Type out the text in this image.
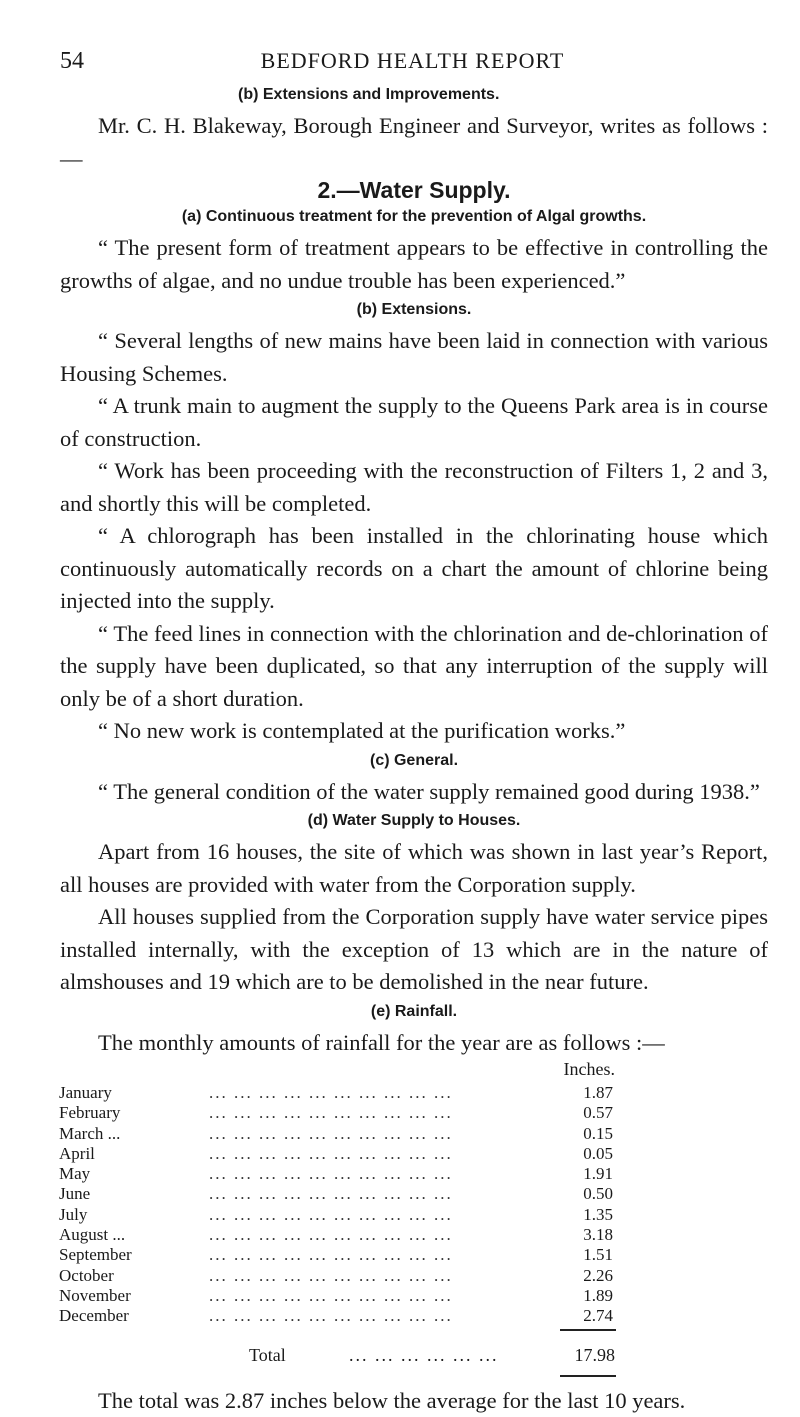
54	BEDFORD HEALTH REPORT
(b) Extensions and Improvements.

Mr. C. H. Blakeway, Borough Engineer and Surveyor, writes as follows :—

2.—Water Supply.
(a) Continuous treatment for the prevention of Algal growths.

“ The present form of treatment appears to be effective in controlling the growths of algae, and no undue trouble has been experienced.”

(b) Extensions.

“ Several lengths of new mains have been laid in connection with various Housing Schemes.

“ A trunk main to augment the supply to the Queens Park area is in course of construction.

“ Work has been proceeding with the reconstruction of Filters 1, 2 and 3, and shortly this will be completed.

“ A chlorograph has been installed in the chlorinating house which continuously automatically records on a chart the amount of chlorine being injected into the supply.

“ The feed lines in connection with the chlorination and de-chlorination of the supply have been duplicated, so that any interruption of the supply will only be of a short duration.

“ No new work is contemplated at the purification works.”

(c) General.

“ The general condition of the water supply remained good during 1938.”

(d) Water Supply to Houses.

Apart from 16 houses, the site of which was shown in last year’s Report, all houses are provided with water from the Corporation supply.

All houses supplied from the Corporation supply have water service pipes installed internally, with the exception of 13 which are in the nature of almshouses and 19 which are to be demolished in the near future.

(e) Rainfall.

The monthly amounts of rainfall for the year are as follows :—

Inches.
January	... ... ... ... ... ... ... ... ... ...	1.87
February	... ... ... ... ... ... ... ... ... ...	0.57
March ...	... ... ... ... ... ... ... ... ... ...	0.15
April	... ... ... ... ... ... ... ... ... ...	0.05
May	... ... ... ... ... ... ... ... ... ...	1.91
June	... ... ... ... ... ... ... ... ... ...	0.50
July	... ... ... ... ... ... ... ... ... ...	1.35
August ...	... ... ... ... ... ... ... ... ... ...	3.18
September	... ... ... ... ... ... ... ... ... ...	1.51
October	... ... ... ... ... ... ... ... ... ...	2.26
November	... ... ... ... ... ... ... ... ... ...	1.89
December	... ... ... ... ... ... ... ... ... ...	2.74
Total	... ... ... ... ... ...	17.98

The total was 2.87 inches below the average for the last 10 years.
